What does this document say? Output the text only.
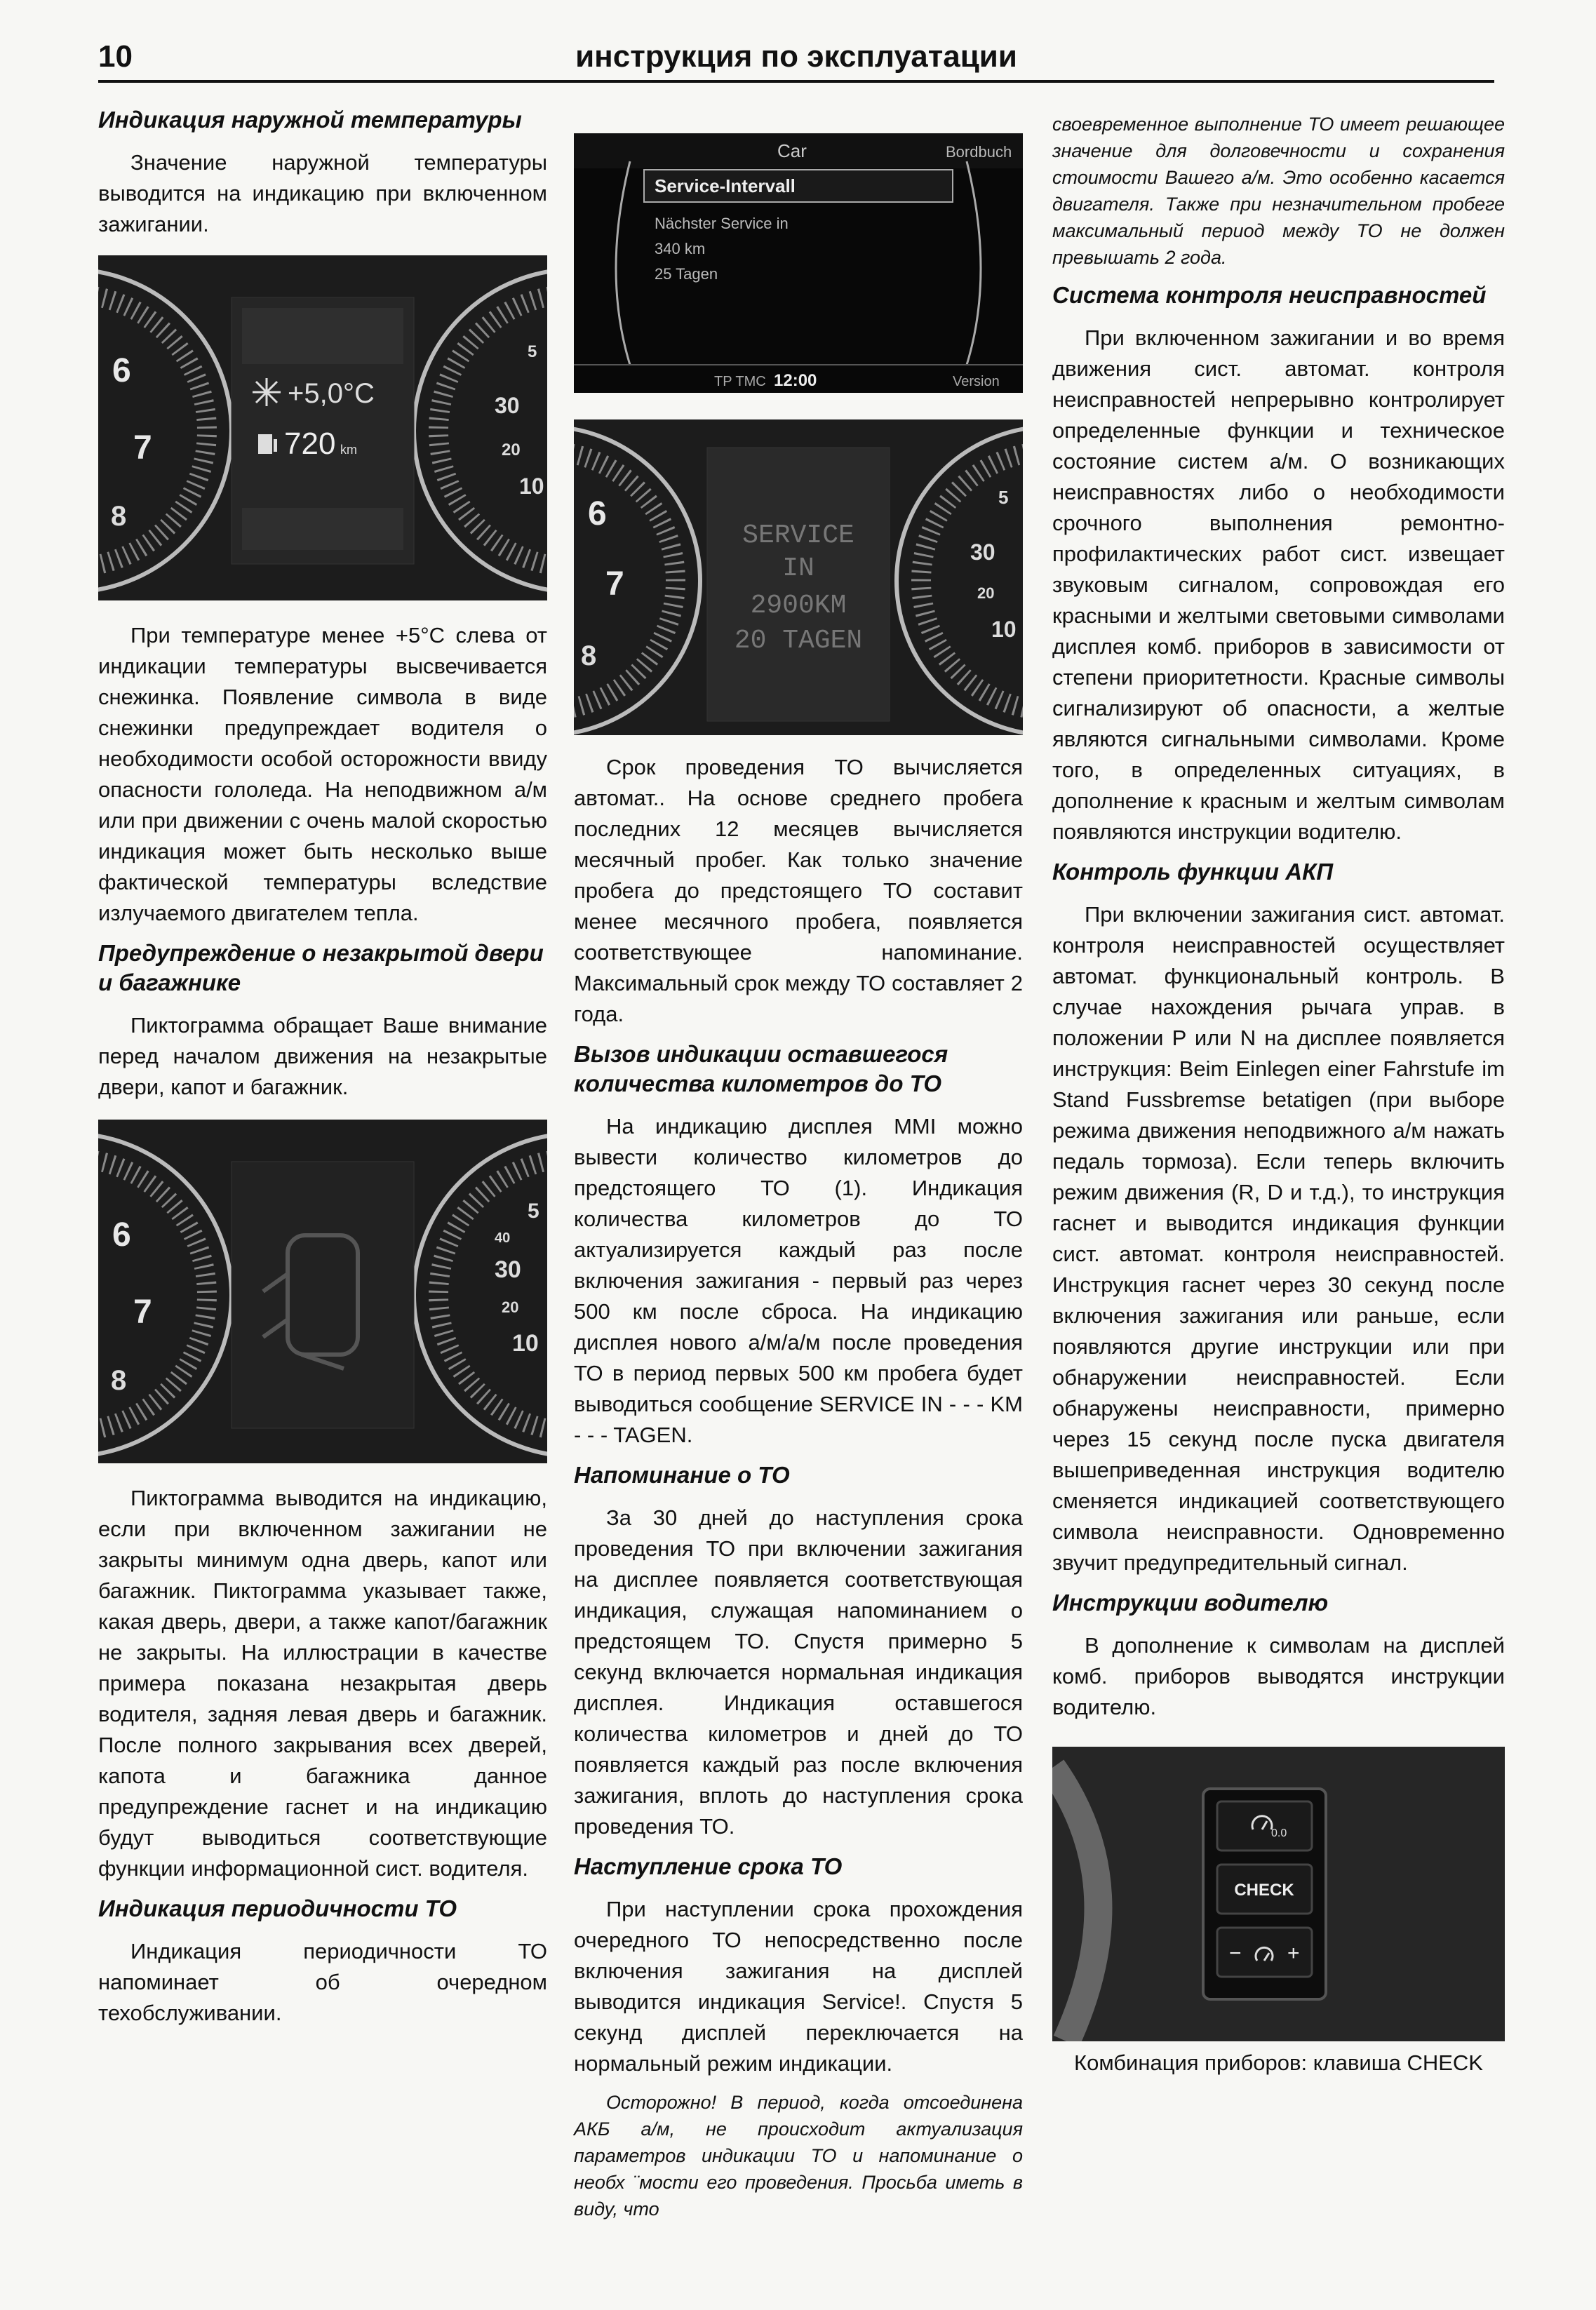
10	инструкция по эксплуатации
Индикация наружной температуры

Значение наружной температуры выводится на индикацию при включенном зажигании.

6
7
8
5
30
20
10
+5,0°C
720 km

При температуре менее +5°С слева от индикации температуры высвечивается снежинка. Появление символа в виде снежинки предупреждает водителя о необходимости особой осторожности ввиду опасности гололеда. На неподвижном а/м или при движении с очень малой скоростью индикация может быть несколько выше фактической температуры вследствие излучаемого двигателем тепла.

Предупреждение о незакрытой двери и багажнике

Пиктограмма обращает Ваше внимание перед началом движения на незакрытые двери, капот и багажник.

6
7
8
5
40
30
20
10

Пиктограмма выводится на индикацию, если при включенном зажигании не закрыты минимум одна дверь, капот или багажник. Пиктограмма указывает также, какая дверь, двери, а также капот/багажник не закрыты. На иллюстрации в качестве примера показана незакрытая дверь водителя, задняя левая дверь и багажник. После полного закрывания всех дверей, капота и багажника данное предупреждение гаснет и на индикацию будут выводиться соответствующие функции информационной сист. водителя.

Индикация периодичности ТО

Индикация периодичности ТО напоминает об очередном техобслуживании.

Car	Bordbuch
Service-Intervall
Nächster Service in
340 km
25 Tagen
TP TMC 12:00	Version
6
7
8
5
30
20
10
SERVICE
IN
2900KM
20 TAGEN

Срок проведения ТО вычисляется автомат.. На основе среднего пробега последних 12 месяцев вычисляется месячный пробег. Как только значение пробега до предстоящего ТО составит менее месячного пробега, появляется соответствующее напоминание. Максимальный срок между ТО составляет 2 года.

Вызов индикации оставшегося количества километров до ТО

На индикацию дисплея MMI можно вывести количество километров до предстоящего ТО (1). Индикация количества километров до ТО актуализируется каждый раз после включения зажигания - первый раз через 500 км после сброса. На индикацию дисплея нового а/м/а/м после проведения ТО в период первых 500 км пробега будет выводиться сообщение SERVICE IN - - - KM - - - TAGEN.

Напоминание о ТО

За 30 дней до наступления срока проведения ТО при включении зажигания на дисплее появляется соответствующая индикация, служащая напоминанием о предстоящем ТО. Спустя примерно 5 секунд включается нормальная индикация дисплея. Индикация оставшегося количества километров и дней до ТО появляется каждый раз после включения зажигания, вплоть до наступления срока проведения ТО.

Наступление срока ТО

При наступлении срока прохождения очередного ТО непосредственно после включения зажигания на дисплей выводится индикация Service!. Спустя 5 секунд дисплей переключается на нормальный режим индикации.

Осторожно! В период, когда отсоединена АКБ а/м, не происходит актуализация параметров индикации ТО и напоминание о необх ¨мости его проведения. Просьба иметь в виду, что

своевременное выполнение ТО имеет решающее значение для долговечности и сохранения стоимости Вашего а/м. Это особенно касается двигателя. Также при незначительном пробеге максимальный период между ТО не должен превышать 2 года.

Система контроля неисправностей

При включенном зажигании и во время движения сист. автомат. контроля неисправностей непрерывно контролирует определенные функции и техническое состояние систем а/м. О возникающих неисправностях либо о необходимости срочного выполнения ремонтно-профилактических работ сист. извещает звуковым сигналом, сопровождая его красными и желтыми световыми символами дисплея комб. приборов в зависимости от степени приоритетности. Красные символы сигнализируют об опасности, а желтые являются сигнальными символами. Кроме того, в определенных ситуациях, в дополнение к красным и желтым символам появляются инструкции водителю.

Контроль функции АКП

При включении зажигания сист. автомат. контроля неисправностей осуществляет автомат. функциональный контроль. В случае нахождения рычага управ. в положении P или N на дисплее появляется инструкция: Beim Einlegen einer Fahrstufe im Stand Fussbremse betatigen (при выборе режима движения неподвижного а/м нажать педаль тормоза). Если теперь включить режим движения (R, D и т.д.), то инструкция гаснет и выводится индикация функции сист. автомат. контроля неисправностей. Инструкция гаснет через 30 секунд после включения зажигания или раньше, если появляются другие инструкции или при обнаружении неисправностей. Если обнаружены неисправности, примерно через 15 секунд после пуска двигателя вышеприведенная инструкция водителю сменяется индикацией соответствующего символа неисправности. Одновременно звучит предупредительный сигнал.

Инструкции водителю

В дополнение к символам на дисплей комб. приборов выводятся инструкции водителю.

0.0
CHECK
− +
Комбинация приборов: клавиша CHECK
